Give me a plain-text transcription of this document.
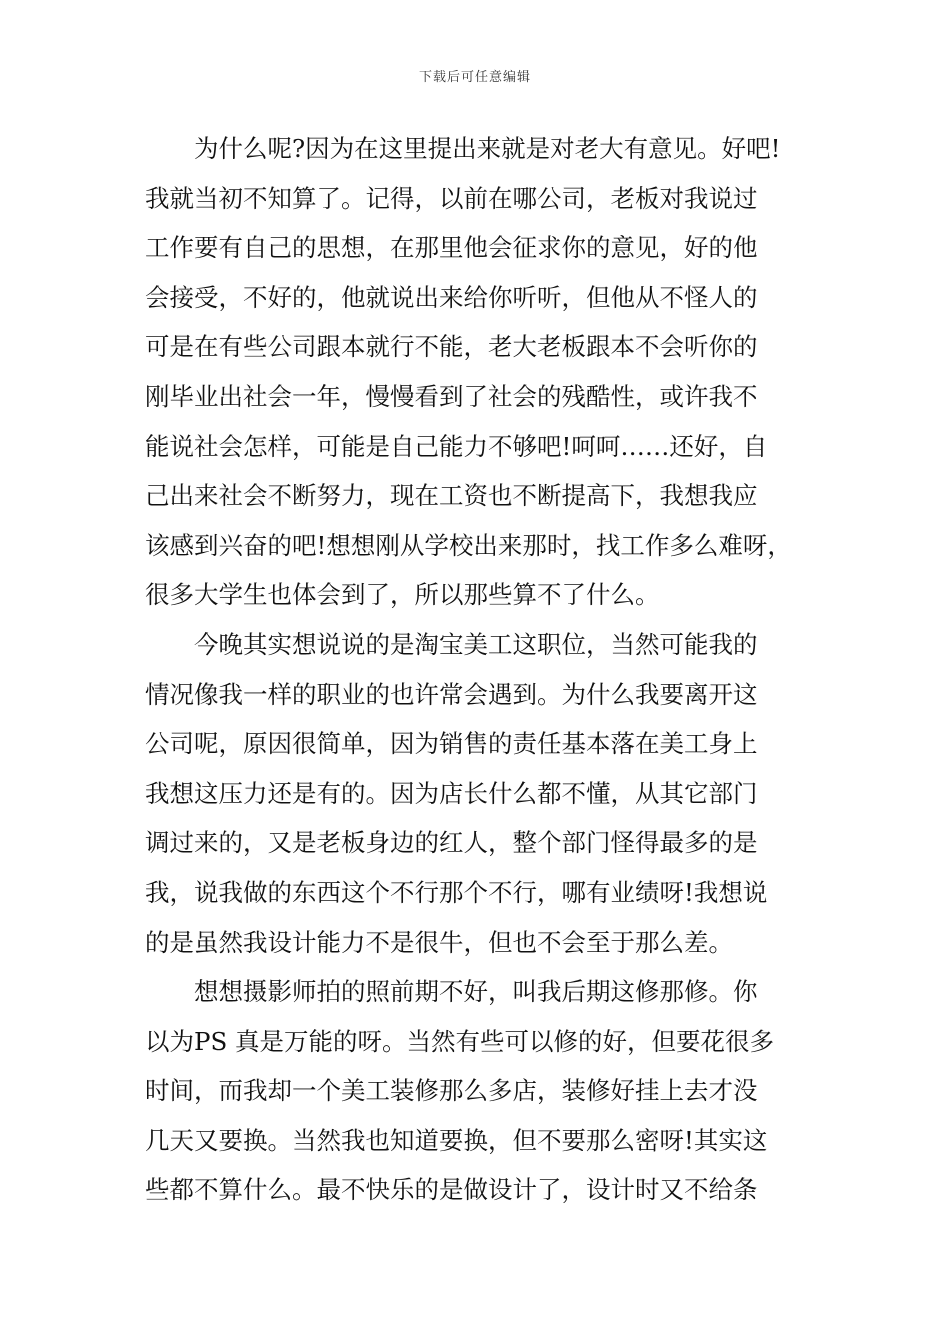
下载后可任意编辑
　　为什么呢?因为在这里提出来就是对老大有意见。好吧!
我就当初不知算了。记得，以前在哪公司，老板对我说过
工作要有自己的思想，在那里他会征求你的意见，好的他
会接受，不好的，他就说出来给你听听，但他从不怪人的
可是在有些公司跟本就行不能，老大老板跟本不会听你的
刚毕业出社会一年，慢慢看到了社会的残酷性，或许我不
能说社会怎样，可能是自己能力不够吧!呵呵……还好，自
己出来社会不断努力，现在工资也不断提高下，我想我应
该感到兴奋的吧!想想刚从学校出来那时，找工作多么难呀，
很多大学生也体会到了，所以那些算不了什么。
　　今晚其实想说说的是淘宝美工这职位，当然可能我的
情况像我一样的职业的也许常会遇到。为什么我要离开这
公司呢，原因很简单，因为销售的责任基本落在美工身上
我想这压力还是有的。因为店长什么都不懂，从其它部门
调过来的，又是老板身边的红人，整个部门怪得最多的是
我，说我做的东西这个不行那个不行，哪有业绩呀!我想说
的是虽然我设计能力不是很牛，但也不会至于那么差。
　　想想摄影师拍的照前期不好，叫我后期这修那修。你
以为PS 真是万能的呀。当然有些可以修的好，但要花很多
时间，而我却一个美工装修那么多店，装修好挂上去才没
几天又要换。当然我也知道要换，但不要那么密呀!其实这
些都不算什么。最不快乐的是做设计了，设计时又不给条
